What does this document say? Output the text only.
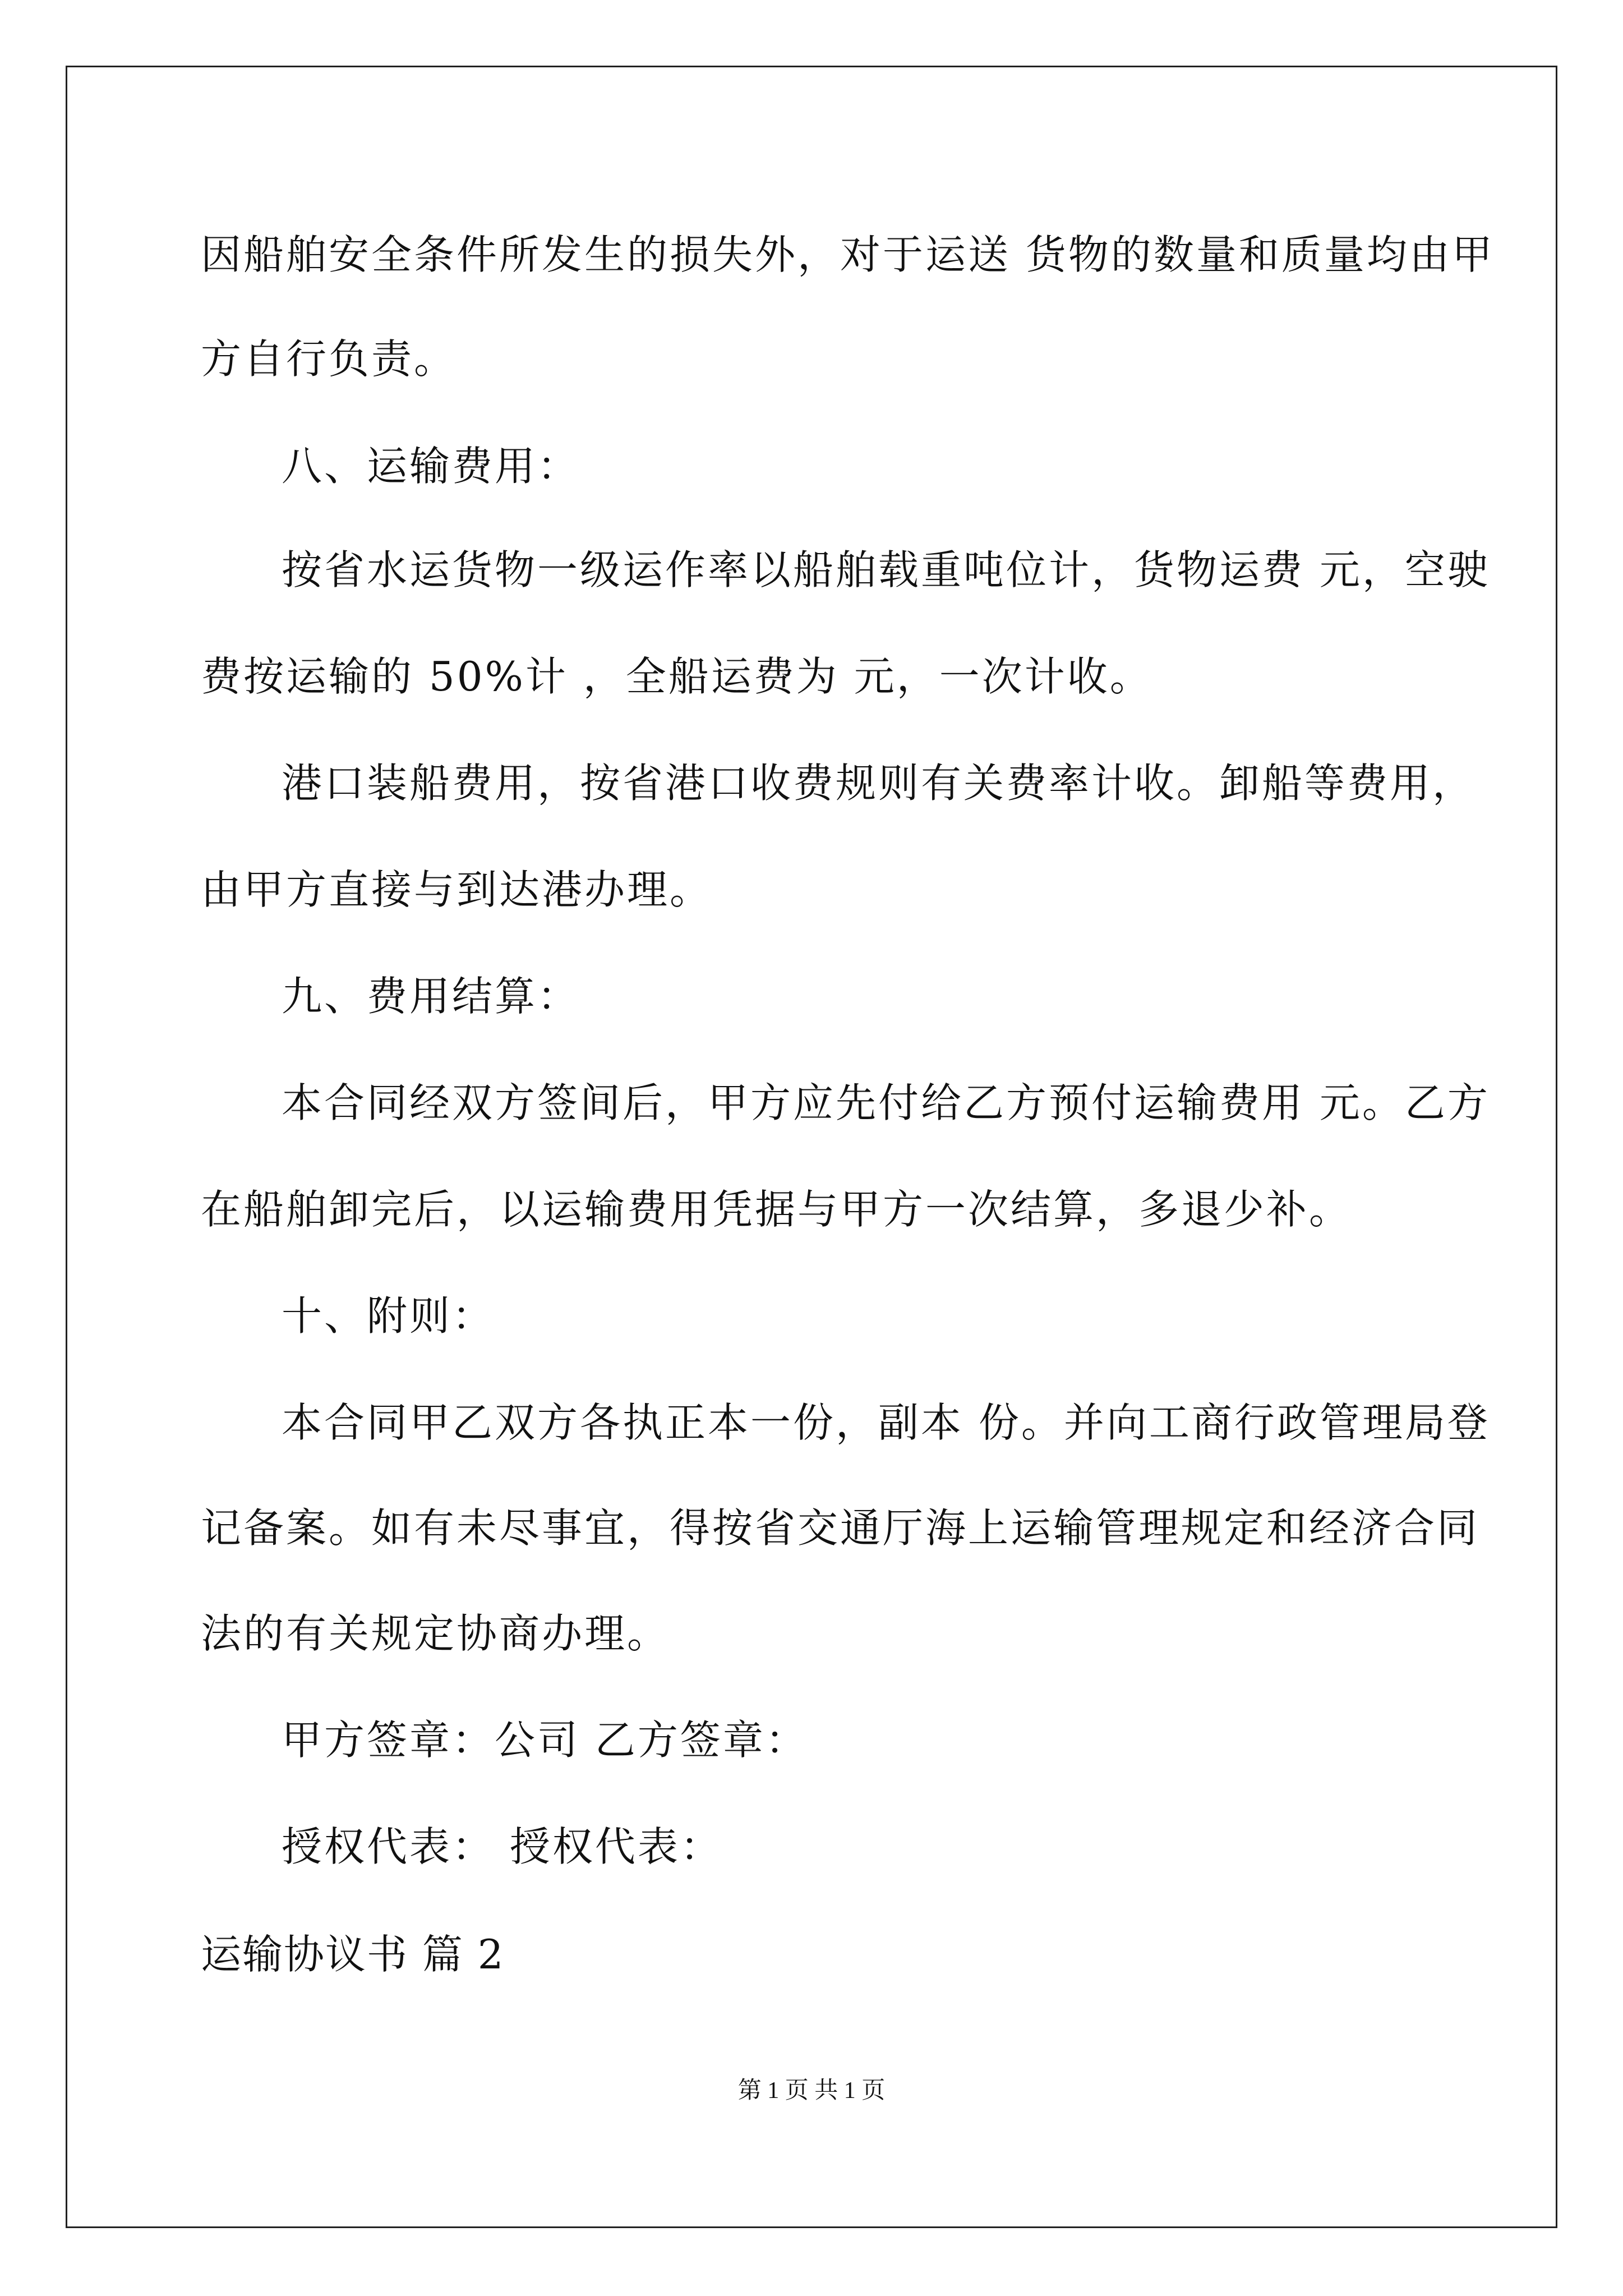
因船舶安全条件所发生的损失外，对于运送 货物的数量和质量均由甲
方自行负责。
八、运输费用：
按省水运货物一级运作率以船舶载重吨位计，货物运费 元，空驶
费按运输的 50%计 ，全船运费为 元，一次计收。
港口装船费用，按省港口收费规则有关费率计收。卸船等费用，
由甲方直接与到达港办理。
九、费用结算：
本合同经双方签间后，甲方应先付给乙方预付运输费用 元。乙方
在船舶卸完后，以运输费用凭据与甲方一次结算，多退少补。
十、附则：
本合同甲乙双方各执正本一份，副本 份。并向工商行政管理局登
记备案。如有未尽事宜，得按省交通厅海上运输管理规定和经济合同
法的有关规定协商办理。
甲方签章：公司 乙方签章：
授权代表： 授权代表：
运输协议书 篇 2
第 1 页 共 1 页
